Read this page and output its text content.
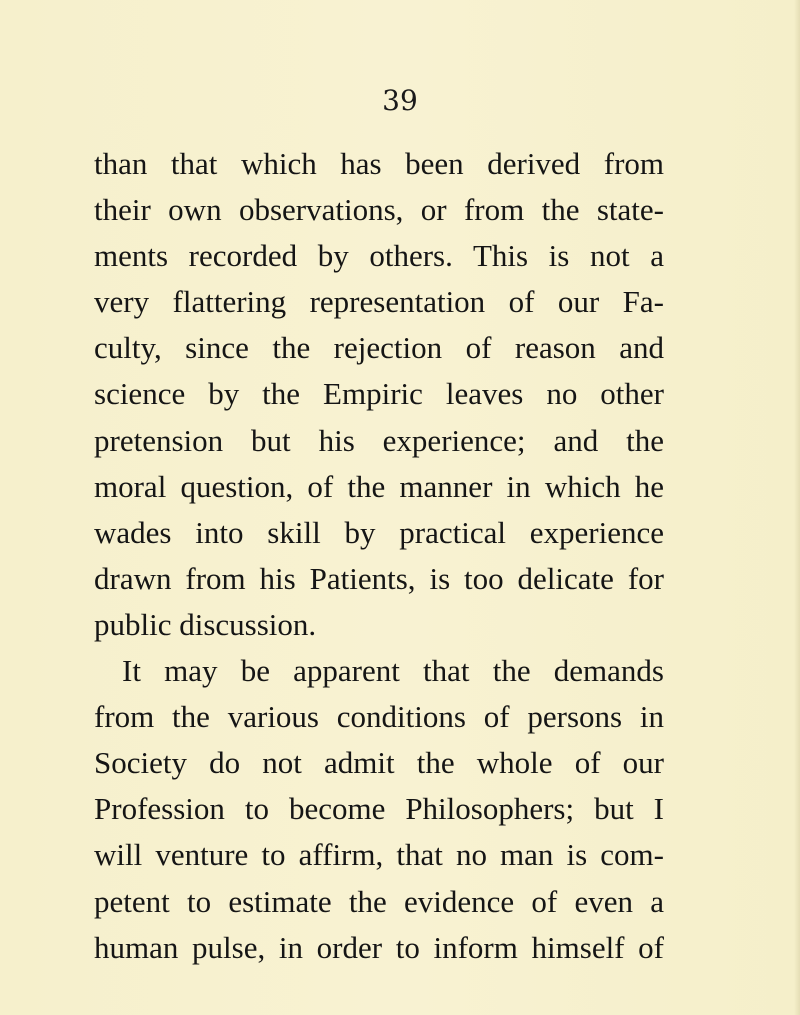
39
than that which has been derived from
their own observations, or from the state-
ments recorded by others. This is not a
very flattering representation of our Fa-
culty, since the rejection of reason and
science by the Empiric leaves no other
pretension but his experience; and the
moral question, of the manner in which he
wades into skill by practical experience
drawn from his Patients, is too delicate for
public discussion.
It may be apparent that the demands
from the various conditions of persons in
Society do not admit the whole of our
Profession to become Philosophers; but I
will venture to affirm, that no man is com-
petent to estimate the evidence of even a
human pulse, in order to inform himself of
